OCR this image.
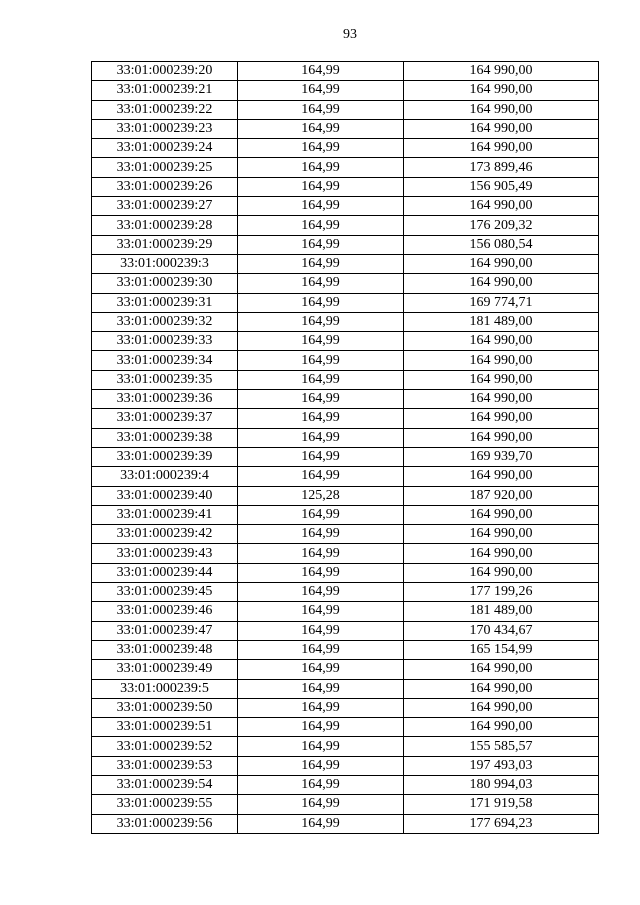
93
33:01:000239:20	164,99	164 990,00
33:01:000239:21	164,99	164 990,00
33:01:000239:22	164,99	164 990,00
33:01:000239:23	164,99	164 990,00
33:01:000239:24	164,99	164 990,00
33:01:000239:25	164,99	173 899,46
33:01:000239:26	164,99	156 905,49
33:01:000239:27	164,99	164 990,00
33:01:000239:28	164,99	176 209,32
33:01:000239:29	164,99	156 080,54
33:01:000239:3	164,99	164 990,00
33:01:000239:30	164,99	164 990,00
33:01:000239:31	164,99	169 774,71
33:01:000239:32	164,99	181 489,00
33:01:000239:33	164,99	164 990,00
33:01:000239:34	164,99	164 990,00
33:01:000239:35	164,99	164 990,00
33:01:000239:36	164,99	164 990,00
33:01:000239:37	164,99	164 990,00
33:01:000239:38	164,99	164 990,00
33:01:000239:39	164,99	169 939,70
33:01:000239:4	164,99	164 990,00
33:01:000239:40	125,28	187 920,00
33:01:000239:41	164,99	164 990,00
33:01:000239:42	164,99	164 990,00
33:01:000239:43	164,99	164 990,00
33:01:000239:44	164,99	164 990,00
33:01:000239:45	164,99	177 199,26
33:01:000239:46	164,99	181 489,00
33:01:000239:47	164,99	170 434,67
33:01:000239:48	164,99	165 154,99
33:01:000239:49	164,99	164 990,00
33:01:000239:5	164,99	164 990,00
33:01:000239:50	164,99	164 990,00
33:01:000239:51	164,99	164 990,00
33:01:000239:52	164,99	155 585,57
33:01:000239:53	164,99	197 493,03
33:01:000239:54	164,99	180 994,03
33:01:000239:55	164,99	171 919,58
33:01:000239:56	164,99	177 694,23
